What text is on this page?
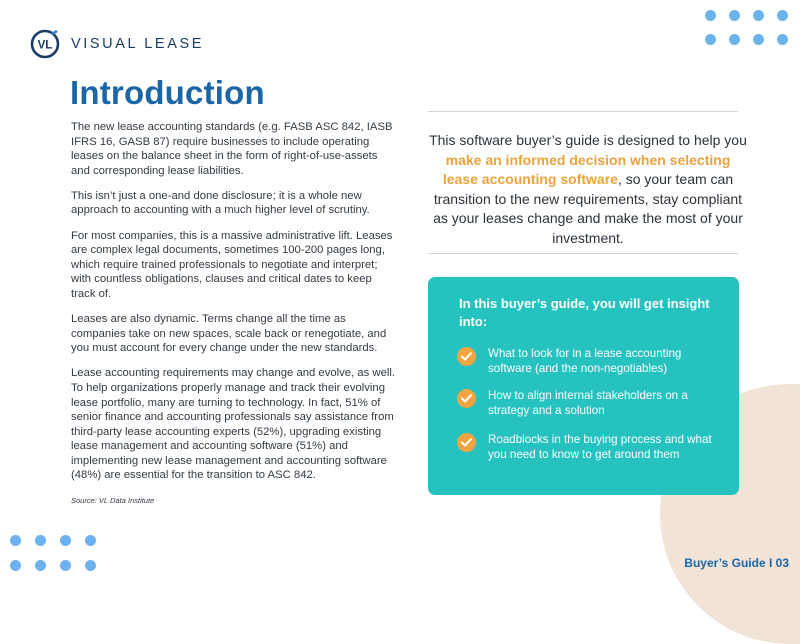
VL VISUAL LEASE
Introduction

The new lease accounting standards (e.g. FASB ASC 842, IASB IFRS 16, GASB 87) require businesses to include operating leases on the balance sheet in the form of right-of-use-assets and corresponding lease liabilities.

This isn’t just a one-and done disclosure; it is a whole new approach to accounting with a much higher level of scrutiny.

For most companies, this is a massive administrative lift. Leases are complex legal documents, sometimes 100-200 pages long, which require trained professionals to negotiate and interpret; with countless obligations, clauses and critical dates to keep track of.

Leases are also dynamic. Terms change all the time as companies take on new spaces, scale back or renegotiate, and you must account for every change under the new standards.

Lease accounting requirements may change and evolve, as well. To help organizations properly manage and track their evolving lease portfolio, many are turning to technology. In fact, 51% of senior finance and accounting professionals say assistance from third-party lease accounting experts (52%), upgrading existing lease management and accounting software (51%) and implementing new lease management and accounting software (48%) are essential for the transition to ASC 842.

Source: VL Data Institute
This software buyer’s guide is designed to help you make an informed decision when selecting lease accounting software, so your team can transition to the new requirements, stay compliant as your leases change and make the most of your investment.
In this buyer’s guide, you will get insight into:
What to look for in a lease accounting software (and the non-negotiables)
How to align internal stakeholders on a strategy and a solution
Roadblocks in the buying process and what you need to know to get around them
Buyer’s Guide I 03
